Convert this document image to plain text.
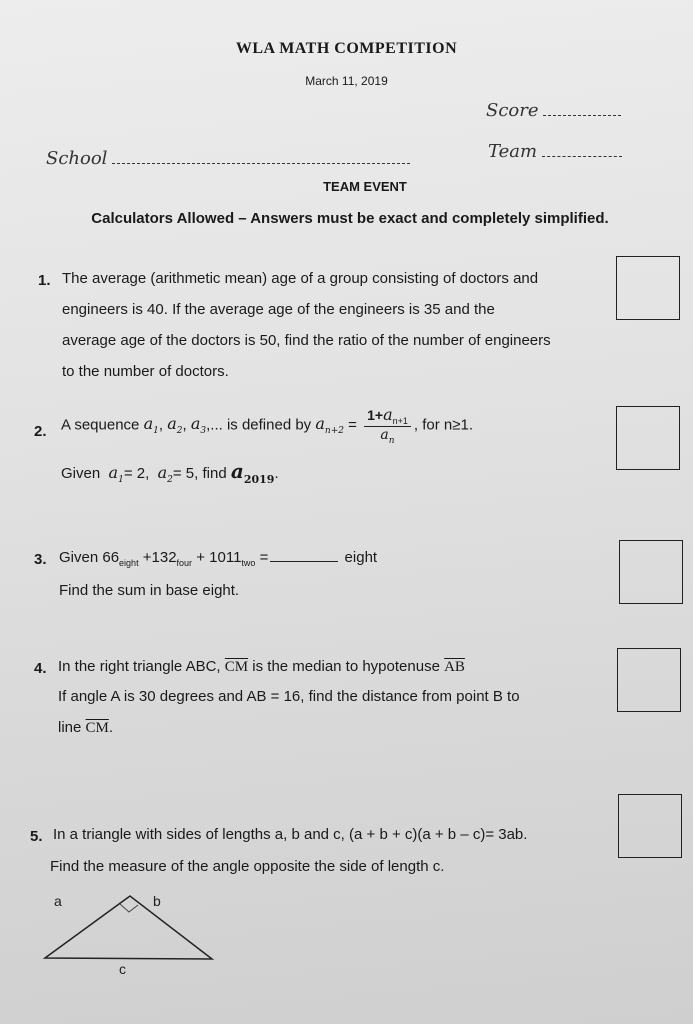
WLA MATH COMPETITION
March 11, 2019
Score
School	Team
TEAM EVENT
Calculators Allowed – Answers must be exact and completely simplified.
1. The average (arithmetic mean) age of a group consisting of doctors and
engineers is 40. If the average age of the engineers is 35 and the
average age of the doctors is 50, find the ratio of the number of engineers
to the number of doctors.
2. A sequence $a_1$, $a_2$, $a_3$,... is defined by $a_{n+2} = \frac{1+a_{n+1}}{a_n}$ , for n≥1.
Given $a_1= 2$, $a_2= 5$, find $a_{2019}$.
3. Given $66_{eight} +132_{four} + 1011_{two}$ =	eight
Find the sum in base eight.
4. In the right triangle ABC, $\overline{CM}$ is the median to hypotenuse $\overline{AB}$
If angle A is 30 degrees and AB = 16, find the distance from point B to
line $\overline{CM}$.
5. In a triangle with sides of lengths a, b and c, (a + b + c)(a + b – c)= 3ab.
Find the measure of the angle opposite the side of length c.
a	b
c
